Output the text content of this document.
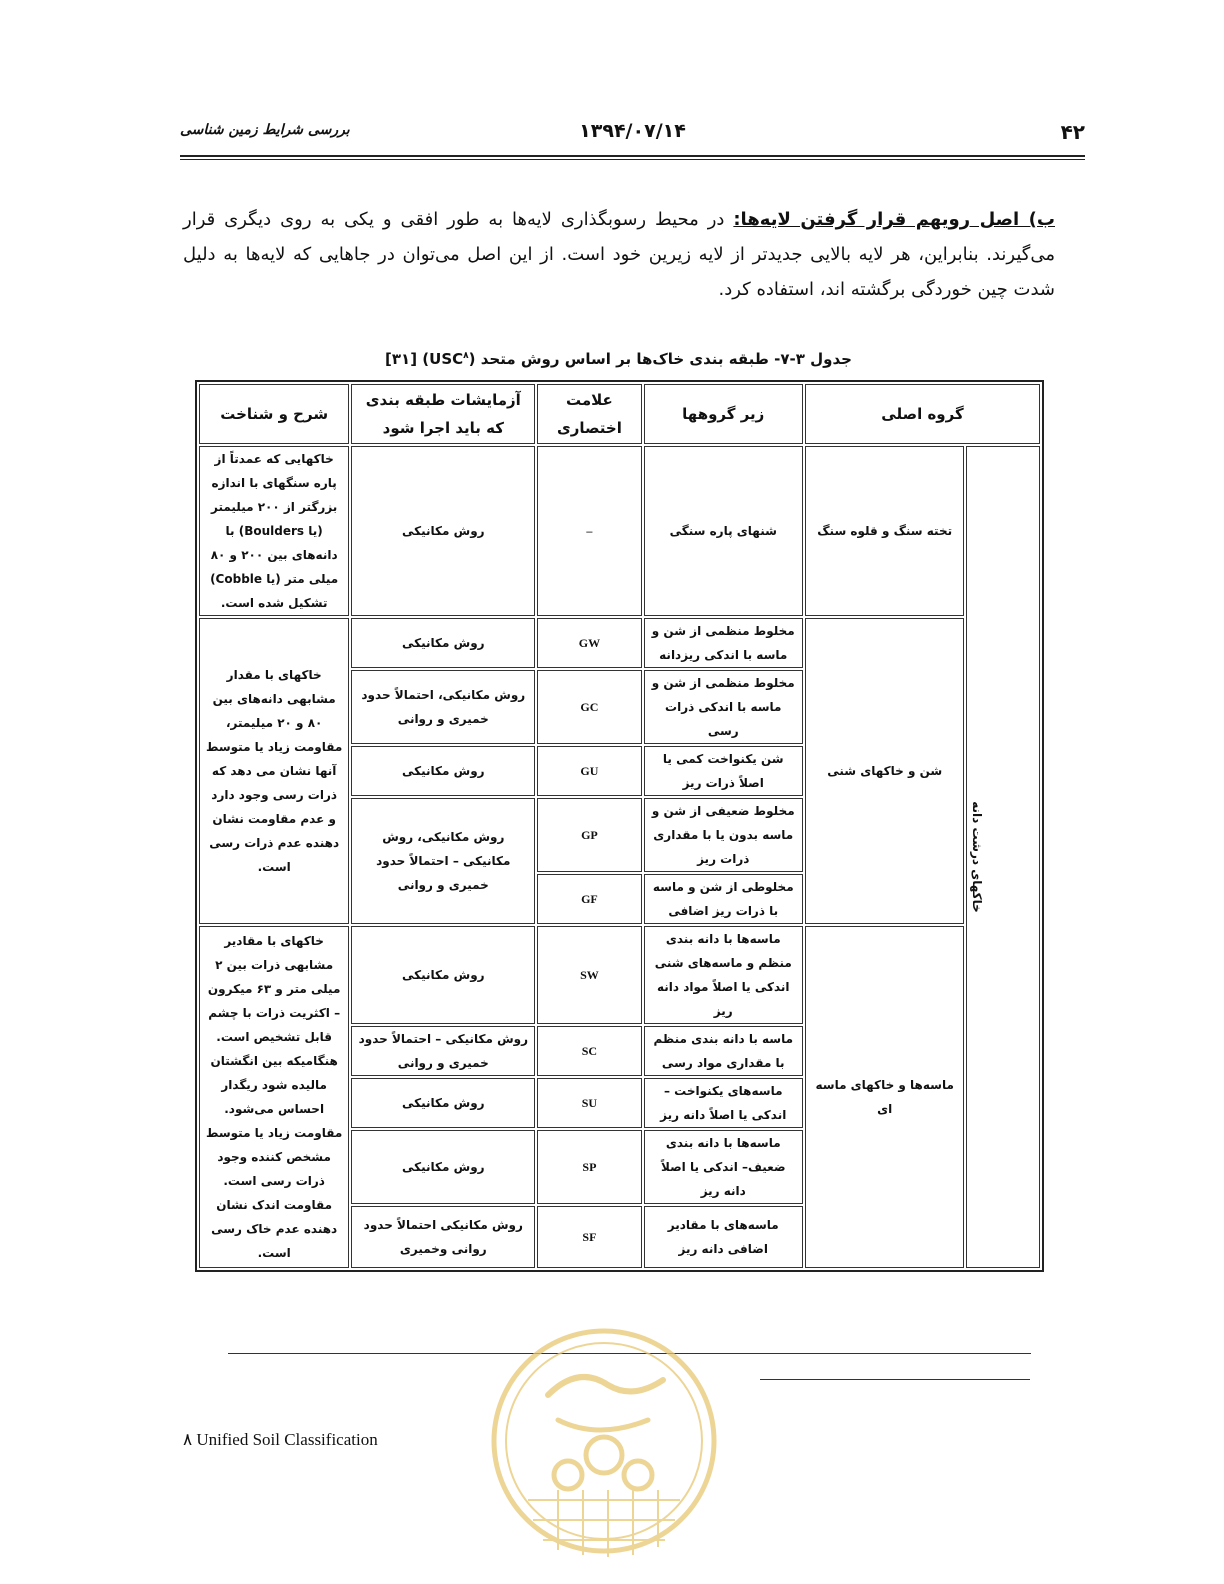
۴۲
۱۳۹۴/۰۷/۱۴
بررسی شرایط زمین شناسی
ب) اصل رویهم قرار گرفتن لایه‌ها: در محیط رسوبگذاری لایه‌ها به طور افقی و یکی به روی دیگری قرار می‌گیرند. بنابراین، هر لایه بالایی جدیدتر از لایه زیرین خود است. از این اصل می‌توان در جاهایی که لایه‌ها به دلیل شدت چین خوردگی برگشته اند، استفاده کرد.
جدول ۳-۷- طبقه بندی خاک‌ها بر اساس روش متحد (USC$^۸$) [۳۱]
گروه اصلی		زیر گروهها	علامت اختصاری	آزمایشات طبقه بندی که باید اجرا شود	شرح و شناخت
خاکهای درشت دانه	تخته سنگ و قلوه سنگ	شنهای پاره سنگی	–	روش مکانیکی	خاکهایی که عمدتاً از پاره سنگهای با اندازه بزرگتر از ۲۰۰ میلیمتر (یا Boulders) با دانه‌های بین ۲۰۰ و ۸۰ میلی متر (یا Cobble) تشکیل شده است.
	شن و خاکهای شنی	مخلوط منظمی از شن و ماسه با اندکی ریزدانه	GW	روش مکانیکی	خاکهای با مقدار مشابهی دانه‌های بین ۸۰ و ۲۰ میلیمتر، مقاومت زیاد یا متوسط آنها نشان می دهد که ذرات رسی وجود دارد و عدم مقاومت نشان دهنده عدم ذرات رسی است.
		مخلوط منظمی از شن و ماسه با اندکی ذرات رسی	GC	روش مکانیکی، احتمالاً حدود خمیری و روانی	
		شن یکنواخت کمی یا اصلاً ذرات ریز	GU	روش مکانیکی	
		مخلوط ضعیفی از شن و ماسه بدون یا با مقداری ذرات ریز	GP	روش مکانیکی، روش مکانیکی – احتمالاً حدود خمیری و روانی	
		مخلوطی از شن و ماسه با ذرات ریز اضافی	GF		
	ماسه‌ها و خاکهای ماسه ای	ماسه‌ها با دانه بندی منظم و ماسه‌های شنی اندکی یا اصلاً مواد دانه ریز	SW	روش مکانیکی	خاکهای با مقادیر مشابهی ذرات بین ۲ میلی متر و ۶۳ میکرون – اکثریت ذرات با چشم قابل تشخیص است. هنگامیکه بین انگشتان مالیده شود ریگدار احساس می‌شود. مقاومت زیاد یا متوسط مشخص کننده وجود ذرات رسی است. مقاومت اندک نشان دهنده عدم خاک رسی است.
		ماسه با دانه بندی منظم با مقداری مواد رسی	SC	روش مکانیکی – احتمالاً حدود خمیری و روانی	
		ماسه‌های یکنواخت – اندکی یا اصلاً دانه ریز	SU	روش مکانیکی	
		ماسه‌ها با دانه بندی ضعیف– اندکی یا اصلاً دانه ریز	SP	روش مکانیکی	
		ماسه‌های با مقادیر اضافی دانه ریز	SF	روش مکانیکی احتمالاً حدود روانی وخمیری	
۸ Unified Soil Classification
